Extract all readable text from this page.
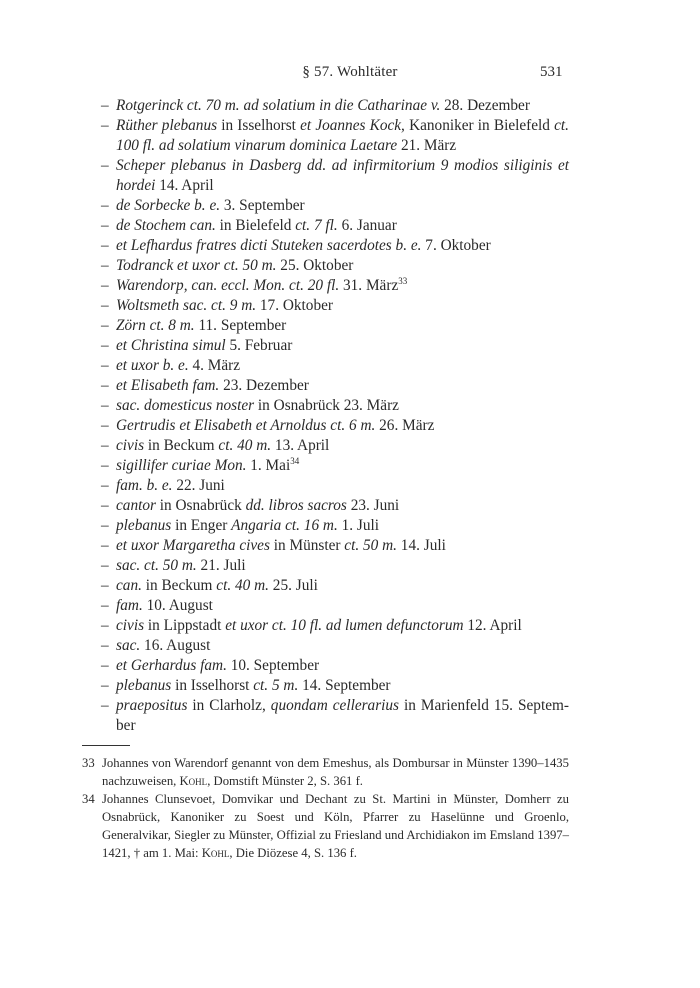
§ 57. Wohltäter	531
– Rotgerinck ct. 70 m. ad solatium in die Catharinae v. 28. Dezember
– Rüther plebanus in Isselhorst et Joannes Kock, Kanoniker in Bielefeld ct. 100 fl. ad solatium vinarum dominica Laetare 21. März
– Scheper plebanus in Dasberg dd. ad infirmitorium 9 modios siliginis et hordei 14. April
– de Sorbecke b. e. 3. September
– de Stochem can. in Bielefeld ct. 7 fl. 6. Januar
– et Lefhardus fratres dicti Stuteken sacerdotes b. e. 7. Oktober
– Todranck et uxor ct. 50 m. 25. Oktober
– Warendorp, can. eccl. Mon. ct. 20 fl. 31. März$^{33}$
– Woltsmeth sac. ct. 9 m. 17. Oktober
– Zörn ct. 8 m. 11. September
– et Christina simul 5. Februar
– et uxor b. e. 4. März
– et Elisabeth fam. 23. Dezember
– sac. domesticus noster in Osnabrück 23. März
– Gertrudis et Elisabeth et Arnoldus ct. 6 m. 26. März
– civis in Beckum ct. 40 m. 13. April
– sigillifer curiae Mon. 1. Mai$^{34}$
– fam. b. e. 22. Juni
– cantor in Osnabrück dd. libros sacros 23. Juni
– plebanus in Enger Angaria ct. 16 m. 1. Juli
– et uxor Margaretha cives in Münster ct. 50 m. 14. Juli
– sac. ct. 50 m. 21. Juli
– can. in Beckum ct. 40 m. 25. Juli
– fam. 10. August
– civis in Lippstadt et uxor ct. 10 fl. ad lumen defunctorum 12. April
– sac. 16. August
– et Gerhardus fam. 10. September
– plebanus in Isselhorst ct. 5 m. 14. September
– praepositus in Clarholz, quondam cellerarius in Marienfeld 15. September
33 Johannes von Warendorf genannt von dem Emeshus, als Dombursar in Münster 1390–1435 nachzuweisen, Kohl, Domstift Münster 2, S. 361 f.
34 Johannes Clunsevoet, Domvikar und Dechant zu St. Martini in Münster, Domherr zu Osnabrück, Kanoniker zu Soest und Köln, Pfarrer zu Haselünne und Groenlo, Generalvikar, Siegler zu Münster, Offizial zu Friesland und Archidiakon im Emsland 1397–1421, † am 1. Mai: Kohl, Die Diözese 4, S. 136 f.
